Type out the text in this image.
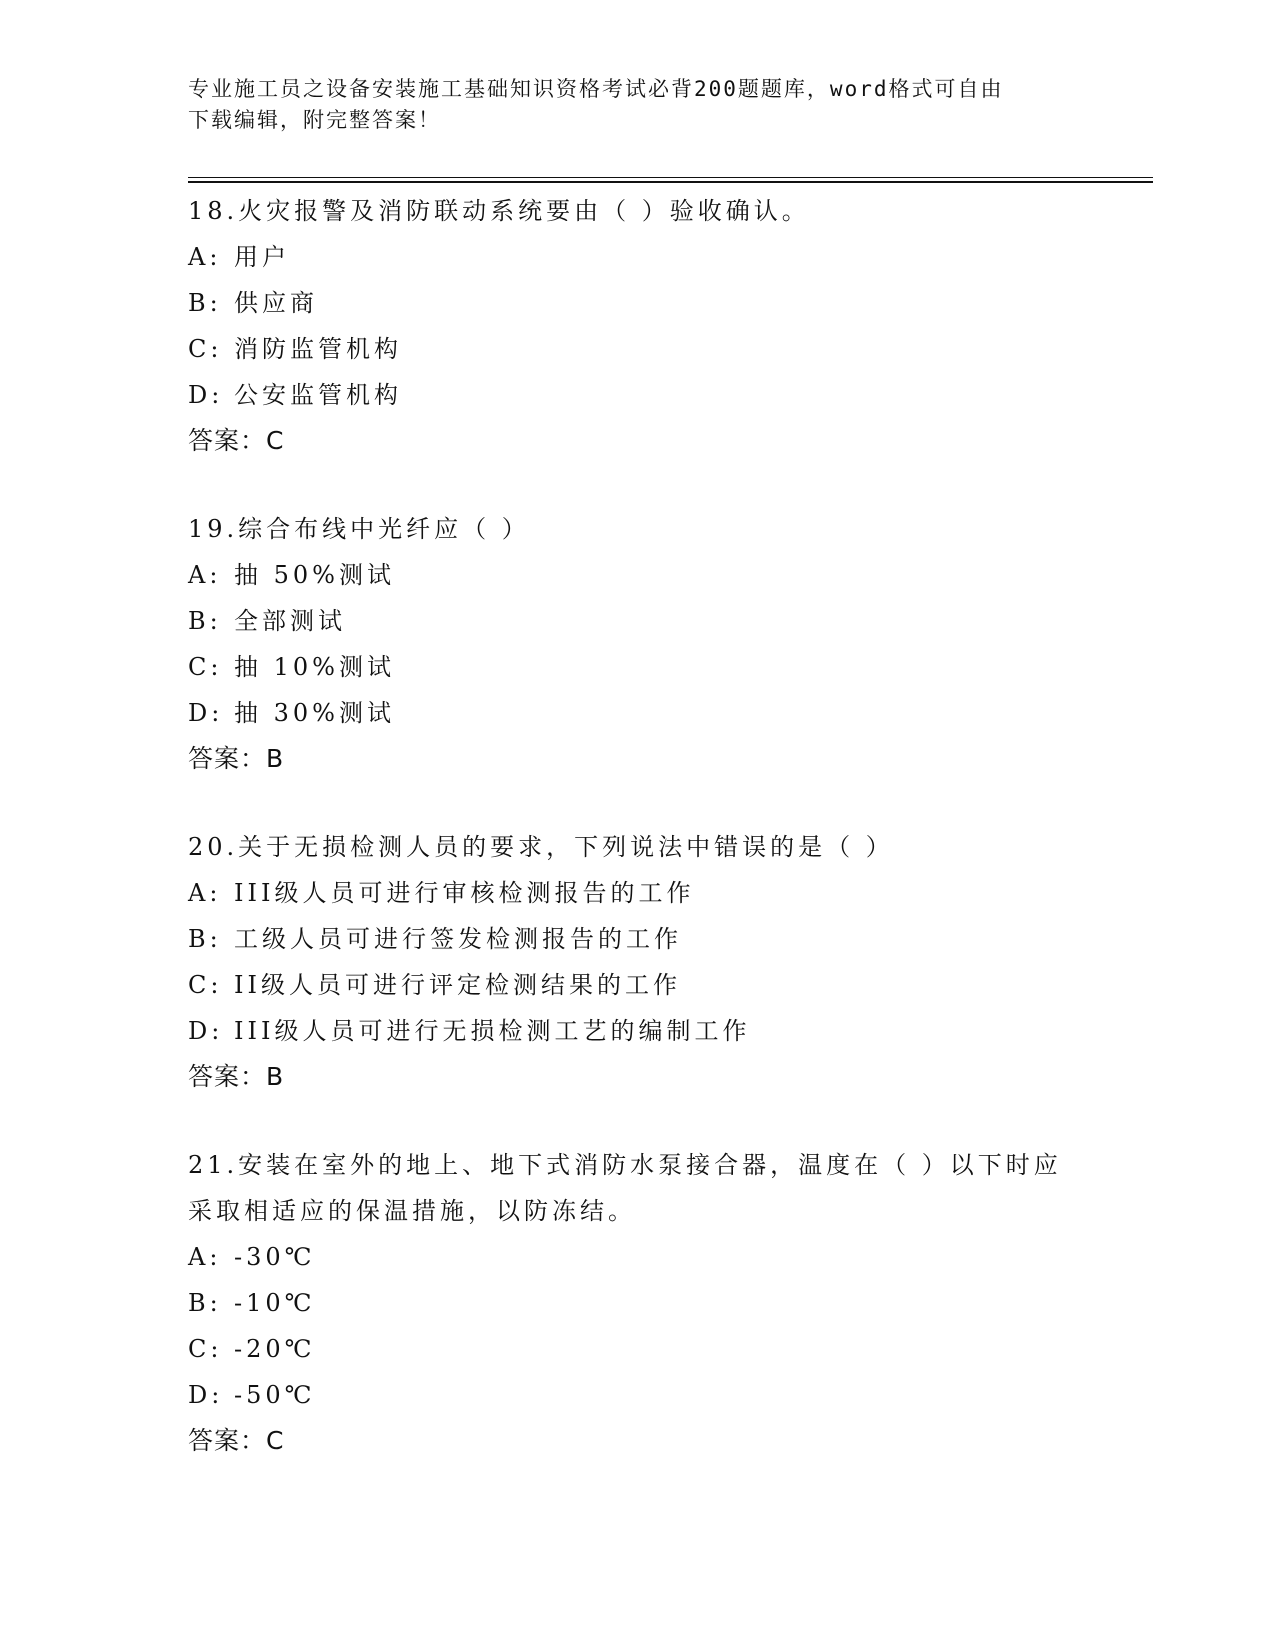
专业施工员之设备安装施工基础知识资格考试必背200题题库，word格式可自由
下载编辑，附完整答案！
18.火灾报警及消防联动系统要由（ ）验收确认。
A: 用户
B: 供应商
C: 消防监管机构
D: 公安监管机构
答案：C
19.综合布线中光纤应（ ）
A: 抽 50%测试
B: 全部测试
C: 抽 10%测试
D: 抽 30%测试
答案：B
20.关于无损检测人员的要求，下列说法中错误的是（ ）
A: III级人员可进行审核检测报告的工作
B: 工级人员可进行签发检测报告的工作
C: II级人员可进行评定检测结果的工作
D: III级人员可进行无损检测工艺的编制工作
答案：B
21.安装在室外的地上、地下式消防水泵接合器，温度在（ ）以下时应采取相适应的保温措施，以防冻结。
A: -30℃
B: -10℃
C: -20℃
D: -50℃
答案：C
